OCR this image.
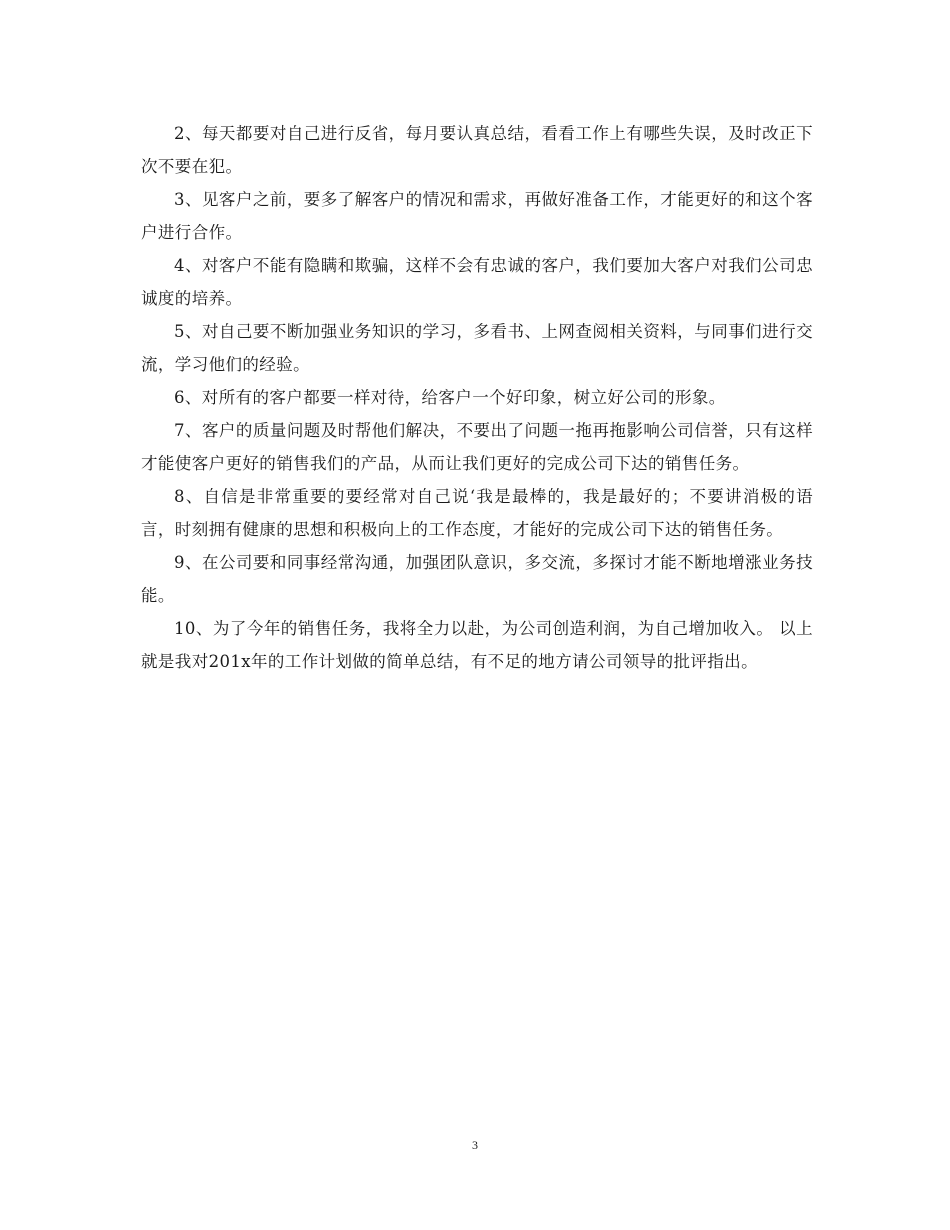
2、每天都要对自己进行反省，每月要认真总结，看看工作上有哪些失误，及时改正下次不要在犯。

3、见客户之前，要多了解客户的情况和需求，再做好准备工作，才能更好的和这个客户进行合作。

4、对客户不能有隐瞒和欺骗，这样不会有忠诚的客户，我们要加大客户对我们公司忠诚度的培养。

5、对自己要不断加强业务知识的学习，多看书、上网查阅相关资料，与同事们进行交流，学习他们的经验。

6、对所有的客户都要一样对待，给客户一个好印象，树立好公司的形象。

7、客户的质量问题及时帮他们解决，不要出了问题一拖再拖影响公司信誉，只有这样才能使客户更好的销售我们的产品，从而让我们更好的完成公司下达的销售任务。

8、自信是非常重要的要经常对自己说‘我是最棒的，我是最好的；不要讲消极的语言，时刻拥有健康的思想和积极向上的工作态度，才能好的完成公司下达的销售任务。

9、在公司要和同事经常沟通，加强团队意识，多交流，多探讨才能不断地增涨业务技能。

10、为了今年的销售任务，我将全力以赴，为公司创造利润，为自己增加收入。 以上就是我对201x年的工作计划做的简单总结，有不足的地方请公司领导的批评指出。

3
